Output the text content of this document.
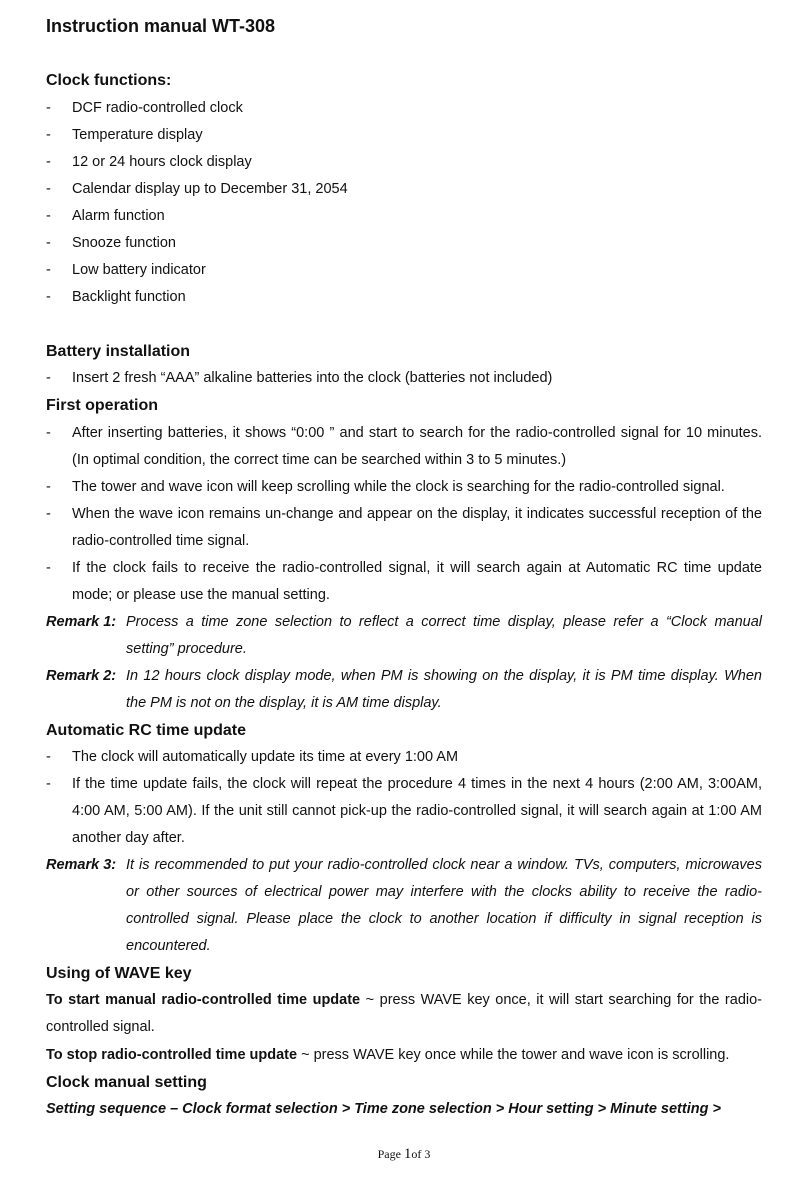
Instruction manual WT-308
Clock functions:
- DCF radio-controlled clock
- Temperature display
- 12 or 24 hours clock display
- Calendar display up to December 31, 2054
- Alarm function
- Snooze function
- Low battery indicator
- Backlight function
Battery installation
- Insert 2 fresh “AAA” alkaline batteries into the clock (batteries not included)
First operation
- After inserting batteries, it shows “0:00 ” and start to search for the radio-controlled signal for 10 minutes. (In optimal condition, the correct time can be searched within 3 to 5 minutes.)
- The tower and wave icon will keep scrolling while the clock is searching for the radio-controlled signal.
- When the wave icon remains un-change and appear on the display, it indicates successful reception of the radio-controlled time signal.
- If the clock fails to receive the radio-controlled signal, it will search again at Automatic RC time update mode; or please use the manual setting.
Remark 1: Process a time zone selection to reflect a correct time display, please refer a “Clock manual setting” procedure.
Remark 2: In 12 hours clock display mode, when PM is showing on the display, it is PM time display. When the PM is not on the display, it is AM time display.
Automatic RC time update
- The clock will automatically update its time at every 1:00 AM
- If the time update fails, the clock will repeat the procedure 4 times in the next 4 hours (2:00 AM, 3:00AM, 4:00 AM, 5:00 AM). If the unit still cannot pick-up the radio-controlled signal, it will search again at 1:00 AM another day after.
Remark 3: It is recommended to put your radio-controlled clock near a window. TVs, computers, microwaves or other sources of electrical power may interfere with the clocks ability to receive the radio-controlled signal. Please place the clock to another location if difficulty in signal reception is encountered.
Using of WAVE key
To start manual radio-controlled time update ~ press WAVE key once, it will start searching for the radio-controlled signal.
To stop radio-controlled time update ~ press WAVE key once while the tower and wave icon is scrolling.
Clock manual setting
Setting sequence – Clock format selection > Time zone selection > Hour setting > Minute setting >
Page 1of 3
